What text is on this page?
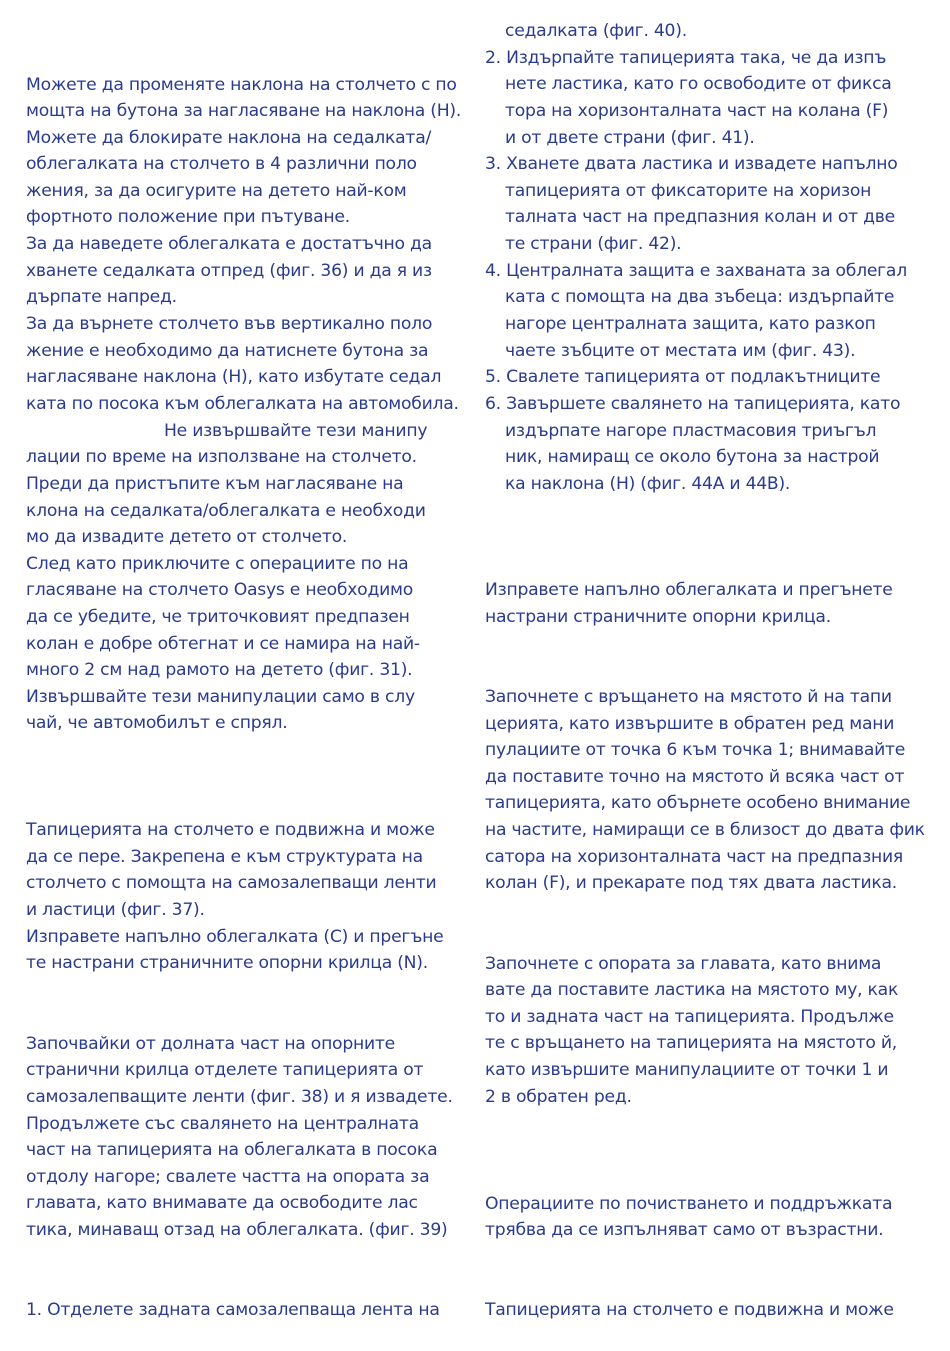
Можете да променяте наклона на столчето с по
мощта на бутона за нагласяване на наклона (Н).
Можете да блокирате наклона на седалката/
облегалката на столчето в 4 различни поло
жения, за да осигурите на детето най-ком
фортното положение при пътуване.
За да наведете облегалката е достатъчно да
хванете седалката отпред (фиг. 36) и да я из
дърпате напред.
За да върнете столчето във вертикално поло
жение е необходимо да натиснете бутона за
нагласяване наклона (Н), като избутате седал
ката по посока към облегалката на автомобила.
Не извършвайте тези манипу
лации по време на използване на столчето.
Преди да пристъпите към нагласяване на
клона на седалката/облегалката е необходи
мо да извадите детето от столчето.
След като приключите с операциите по на
гласяване на столчето Oasys е необходимо
да се убедите, че триточковият предпазен
колан е добре обтегнат и се намира на най-
много 2 см над рамото на детето (фиг. 31).
Извършвайте тези манипулации само в слу
чай, че автомобилът е спрял.
Тапицерията на столчето е подвижна и може
да се пере. Закрепена е към структурата на
столчето с помощта на самозалепващи ленти
и ластици (фиг. 37).
Изправете напълно облегалката (С) и прегъне
те настрани страничните опорни крилца (N).
Започвайки от долната част на опорните
странични крилца отделете тапицерията от
самозалепващите ленти (фиг. 38) и я извадете.
Продължете със свалянето на централната
част на тапицерията на облегалката в посока
отдолу нагоре; свалете частта на опората за
главата, като внимавате да освободите лас
тика, минаващ отзад на облегалката. (фиг. 39)
1. Отделете задната самозалепваща лента на
седалката (фиг. 40).
2. Издърпайте тапицерията така, че да изпъ
нете ластика, като го освободите от фикса
тора на хоризонталната част на колана (F)
и от двете страни (фиг. 41).
3. Хванете двата ластика и извадете напълно
тапицерията от фиксаторите на хоризон
талната част на предпазния колан и от две
те страни (фиг. 42).
4. Централната защита е захваната за облегал
ката с помощта на два зъбеца: издърпайте
нагоре централната защита, като разкоп
чаете зъбците от местата им (фиг. 43).
5. Свалете тапицерията от подлакътниците
6. Завършете свалянето на тапицерията, като
издърпате нагоре пластмасовия триъгъл
ник, намиращ се около бутона за настрой
ка наклона (Н) (фиг. 44А и 44В).
Изправете напълно облегалката и прегънете
настрани страничните опорни крилца.
Започнете с връщането на мястото й на тапи
церията, като извършите в обратен ред мани
пулациите от точка 6 към точка 1; внимавайте
да поставите точно на мястото й всяка част от
тапицерията, като обърнете особено внимание
на частите, намиращи се в близост до двата фик
сатора на хоризонталната част на предпазния
колан (F), и прекарате под тях двата ластика.
Започнете с опората за главата, като внима
вате да поставите ластика на мястото му, как
то и задната част на тапицерията. Продълже
те с връщането на тапицерията на мястото й,
като извършите манипулациите от точки 1 и
2 в обратен ред.
Операциите по почистването и поддръжката
трябва да се изпълняват само от възрастни.
Тапицерията на столчето е подвижна и може
